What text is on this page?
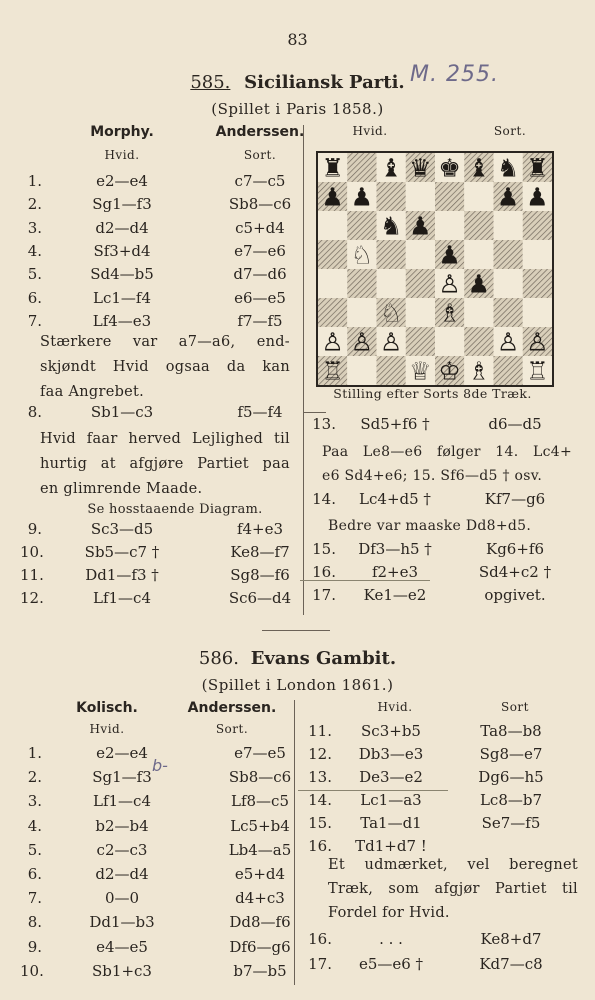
83
585. Siciliansk Parti. M. 255.
(Spillet i Paris 1858.)
Morphy.	Anderssen.
Hvid.	Sort.
1.	e2—e4	c7—c5
2.	Sg1—f3	Sb8—c6
3.	d2—d4	c5+d4
4.	Sf3+d4	e7—e6
5.	Sd4—b5	d7—d6
6.	Lc1—f4	e6—e5
7.	Lf4—e3	f7—f5
Stærkere var a7—a6, end-
skjøndt Hvid ogsaa da kan
faa Angrebet.
8.	Sb1—c3	f5—f4
Hvid faar herved Lejlighed til
hurtig at afgjøre Partiet paa
en glimrende Maade.
Se hosstaaende Diagram.
9.	Sc3—d5	f4+e3
10.	Sb5—c7 †	Ke8—f7
11.	Dd1—f3 †	Sg8—f6
12.	Lf1—c4	Sc6—d4
Hvid.	Sort.
♜ ♝ ♛ ♚ ♝ ♞ ♜
♟ ♟	♟ ♟
♞ ♟
♘	♟
♙ ♟
♘ ♗
♙ ♙ ♙	♙ ♙
♖	♕ ♔ ♗ ♖
Stilling efter Sorts 8de Træk.
13.	Sd5+f6 †	d6—d5
Paa Le8—e6 følger 14. Lc4+
e6 Sd4+e6; 15. Sf6—d5 † osv.
14.	Lc4+d5 †	Kf7—g6
Bedre var maaske Dd8+d5.
15.	Df3—h5 †	Kg6+f6
16.	f2+e3	Sd4+c2 †
17.	Ke1—e2	opgivet.
586. Evans Gambit.
(Spillet i London 1861.)
Kolisch.	Anderssen.
Hvid.	Sort.
Hvid.	Sort
b-
1.	e2—e4	e7—e5
2.	Sg1—f3	Sb8—c6
3.	Lf1—c4	Lf8—c5
4.	b2—b4	Lc5+b4
5.	c2—c3	Lb4—a5
6.	d2—d4	e5+d4
7.	0—0	d4+c3
8.	Dd1—b3	Dd8—f6
9.	e4—e5	Df6—g6
10.	Sb1+c3	b7—b5
11.	Sc3+b5	Ta8—b8
12.	Db3—e3	Sg8—e7
13.	De3—e2	Dg6—h5
14.	Lc1—a3	Lc8—b7
15.	Ta1—d1	Se7—f5
16.	Td1+d7 !
Et udmærket, vel beregnet
Træk, som afgjør Partiet til
Fordel for Hvid.
16.	. . .	Ke8+d7
17.	e5—e6 †	Kd7—c8
